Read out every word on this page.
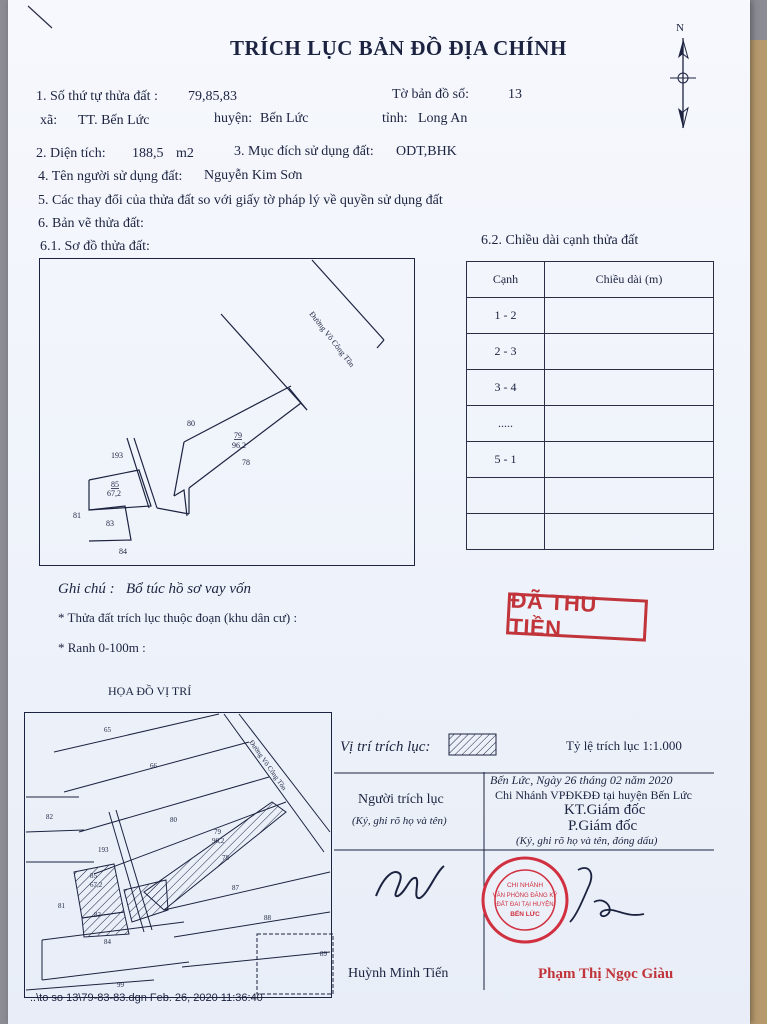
N
TRÍCH LỤC BẢN ĐỒ ĐỊA CHÍNH
1. Số thứ tự thửa đất : 79,85,83	Tờ bản đồ số:	13
xã: TT. Bến Lức	huyện: Bến Lức	tỉnh: Long An
2. Diện tích: 188,5 m2	3. Mục đích sử dụng đất: ODT,BHK
4. Tên người sử dụng đất: Nguyễn Kim Sơn
5. Các thay đổi của thửa đất so với giấy tờ pháp lý về quyền sử dụng đất
6. Bản vẽ thửa đất:
6.1. Sơ đồ thửa đất:	6.2. Chiều dài cạnh thửa đất
Đường Võ Công Tồn
80
79
96,2
78
193
85
67,2
81
83
84
Cạnh	Chiều dài (m)
1 - 2	
2 - 3	
3 - 4	
.....	
5 - 1	

Ghi chú : Bổ túc hồ sơ vay vốn
* Thửa đất trích lục thuộc đoạn (khu dân cư) :
* Ranh 0-100m :
ĐÃ THU TIỀN
HỌA ĐỒ VỊ TRÍ
Đường Võ Công Tồn
65
66
82	80
79
96,2
193
78
85
67,2	87
81
83	88
84
89
99
Vị trí trích lục:	Tỷ lệ trích lục 1:1.000
Bến Lức, Ngày 26 tháng 02 năm 2020
Chi Nhánh VPĐKĐĐ tại huyện Bến Lức
KT.Giám đốc
P.Giám đốc
(Ký, ghi rõ họ và tên, đóng dấu)
Người trích lục
(Ký, ghi rõ họ và tên)
CHI NHÁNH
VĂN PHÒNG ĐĂNG KÝ
ĐẤT ĐAI TẠI HUYỆN
BẾN LỨC
Huỳnh Minh Tiến	Phạm Thị Ngọc Giàu
..\to so 13\79-83-83.dgn Feb. 26, 2020 11:36:40
